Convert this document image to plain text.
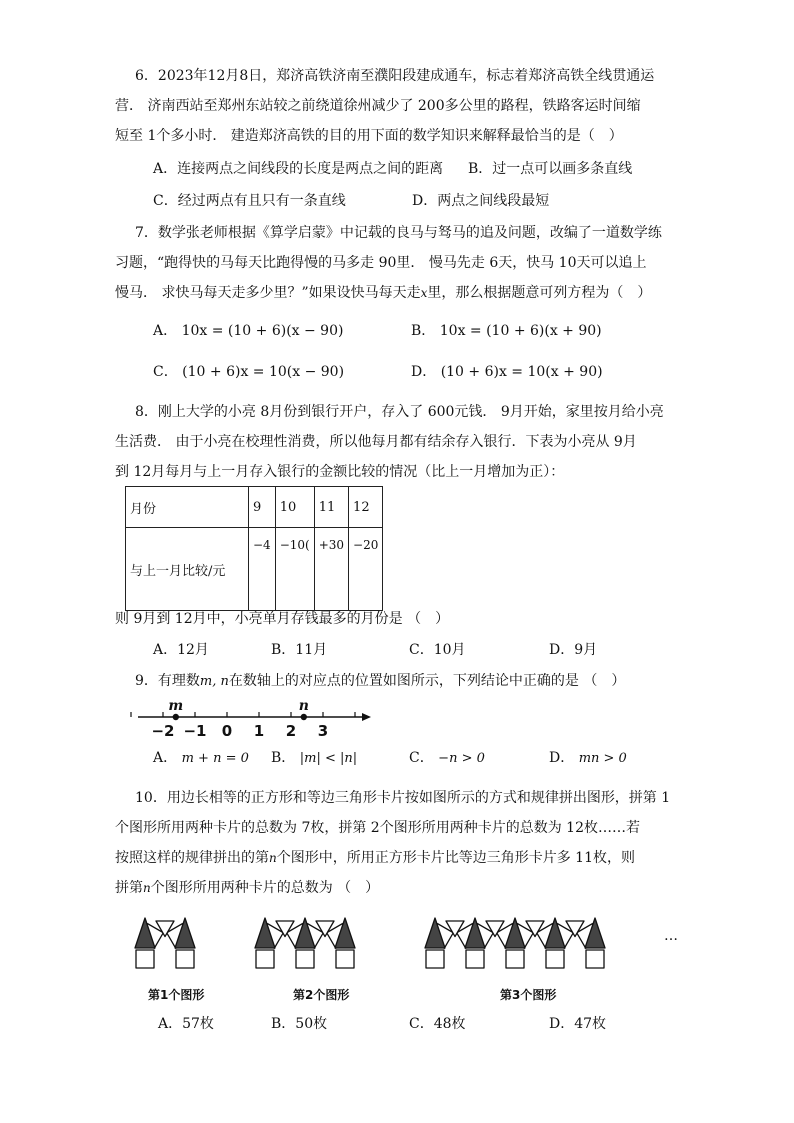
6．2023年12月8日，郑济高铁济南至濮阳段建成通车，标志着郑济高铁全线贯通运
营． 济南西站至郑州东站较之前绕道徐州减少了 200多公里的路程，铁路客运时间缩
短至 1个多小时． 建造郑济高铁的目的用下面的数学知识来解释最恰当的是（　）
A．连接两点之间线段的长度是两点之间的距离 B．过一点可以画多条直线
C．经过两点有且只有一条直线	D．两点之间线段最短
7．数学张老师根据《算学启蒙》中记载的良马与驽马的追及问题，改编了一道数学练
习题，“跑得快的马每天比跑得慢的马多走 90里． 慢马先走 6天，快马 10天可以追上
慢马． 求快马每天走多少里？”如果设快马每天走x里，那么根据题意可列方程为（　）
A． 10x = (10 + 6)(x − 90)	B． 10x = (10 + 6)(x + 90)
C． (10 + 6)x = 10(x − 90)	D． (10 + 6)x = 10(x + 90)
8．刚上大学的小亮 8月份到银行开户，存入了 600元钱． 9月开始，家里按月给小亮
生活费． 由于小亮在校理性消费，所以他每月都有结余存入银行．下表为小亮从 9月
到 12月每月与上一月存入银行的金额比较的情况（比上一月增加为正）：
月份	9	10	11	12
与上一月比较/元	−4	−10(	+30	−20
则 9月到 12月中，小亮单月存钱最多的月份是 （　）
A．12月	B．11月	C．10月	D．9月
9．有理数m, n在数轴上的对应点的位置如图所示，下列结论中正确的是 （　）
−2 −1 0 1 2 3
m	n
A． m + n = 0 B． |m| < |n|	C． −n > 0	D． mn > 0
10．用边长相等的正方形和等边三角形卡片按如图所示的方式和规律拼出图形，拼第 1
个图形所用两种卡片的总数为 7枚，拼第 2个图形所用两种卡片的总数为 12枚……若
按照这样的规律拼出的第n个图形中，所用正方形卡片比等边三角形卡片多 11枚，则
拼第n个图形所用两种卡片的总数为 （　）
第1个图形	第2个图形	第3个图形
…
A．57枚	B．50枚	C．48枚	D．47枚
